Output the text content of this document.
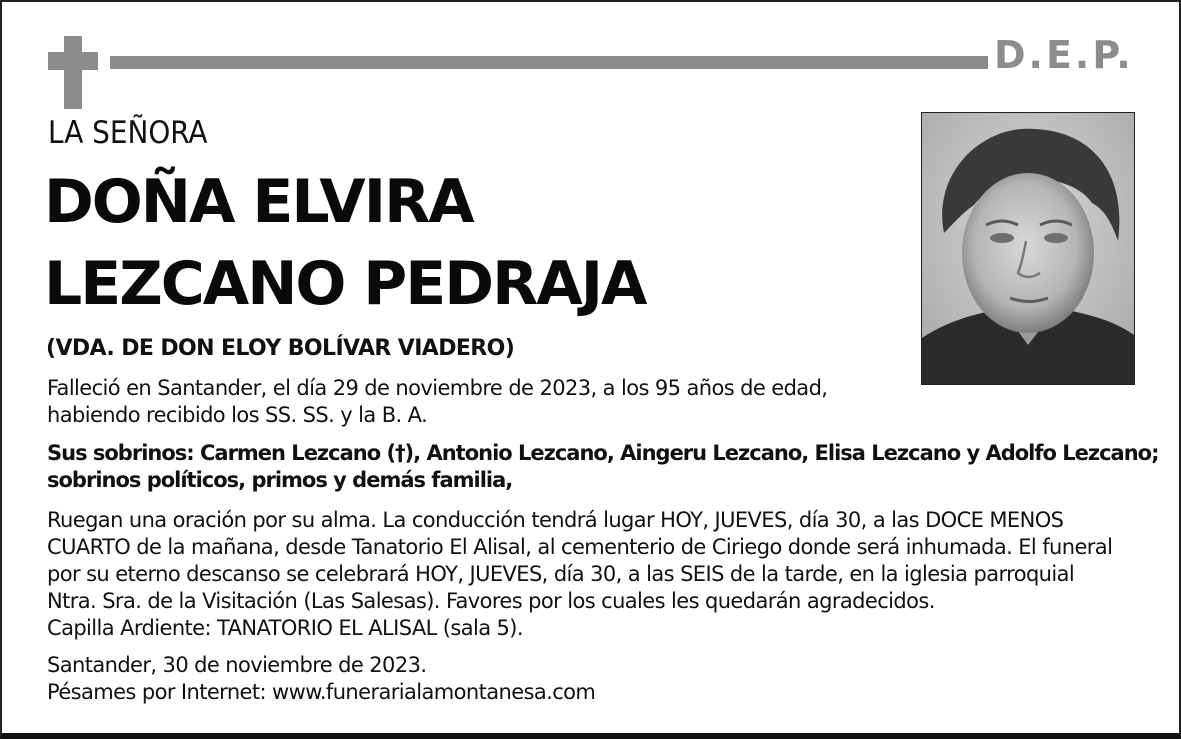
D.E.P.
LA SEÑORA
DOÑA ELVIRA
LEZCANO PEDRAJA
(VDA. DE DON ELOY BOLÍVAR VIADERO)
Falleció en Santander, el día 29 de noviembre de 2023, a los 95 años de edad,
habiendo recibido los SS. SS. y la B. A.
Sus sobrinos: Carmen Lezcano (†), Antonio Lezcano, Aingeru Lezcano, Elisa Lezcano y Adolfo Lezcano;
sobrinos políticos, primos y demás familia,
Ruegan una oración por su alma. La conducción tendrá lugar HOY, JUEVES, día 30, a las DOCE MENOS
CUARTO de la mañana, desde Tanatorio El Alisal, al cementerio de Ciriego donde será inhumada. El funeral
por su eterno descanso se celebrará HOY, JUEVES, día 30, a las SEIS de la tarde, en la iglesia parroquial
Ntra. Sra. de la Visitación (Las Salesas). Favores por los cuales les quedarán agradecidos.
Capilla Ardiente: TANATORIO EL ALISAL (sala 5).
Santander, 30 de noviembre de 2023.
Pésames por Internet: www.funerarialamontanesa.com
